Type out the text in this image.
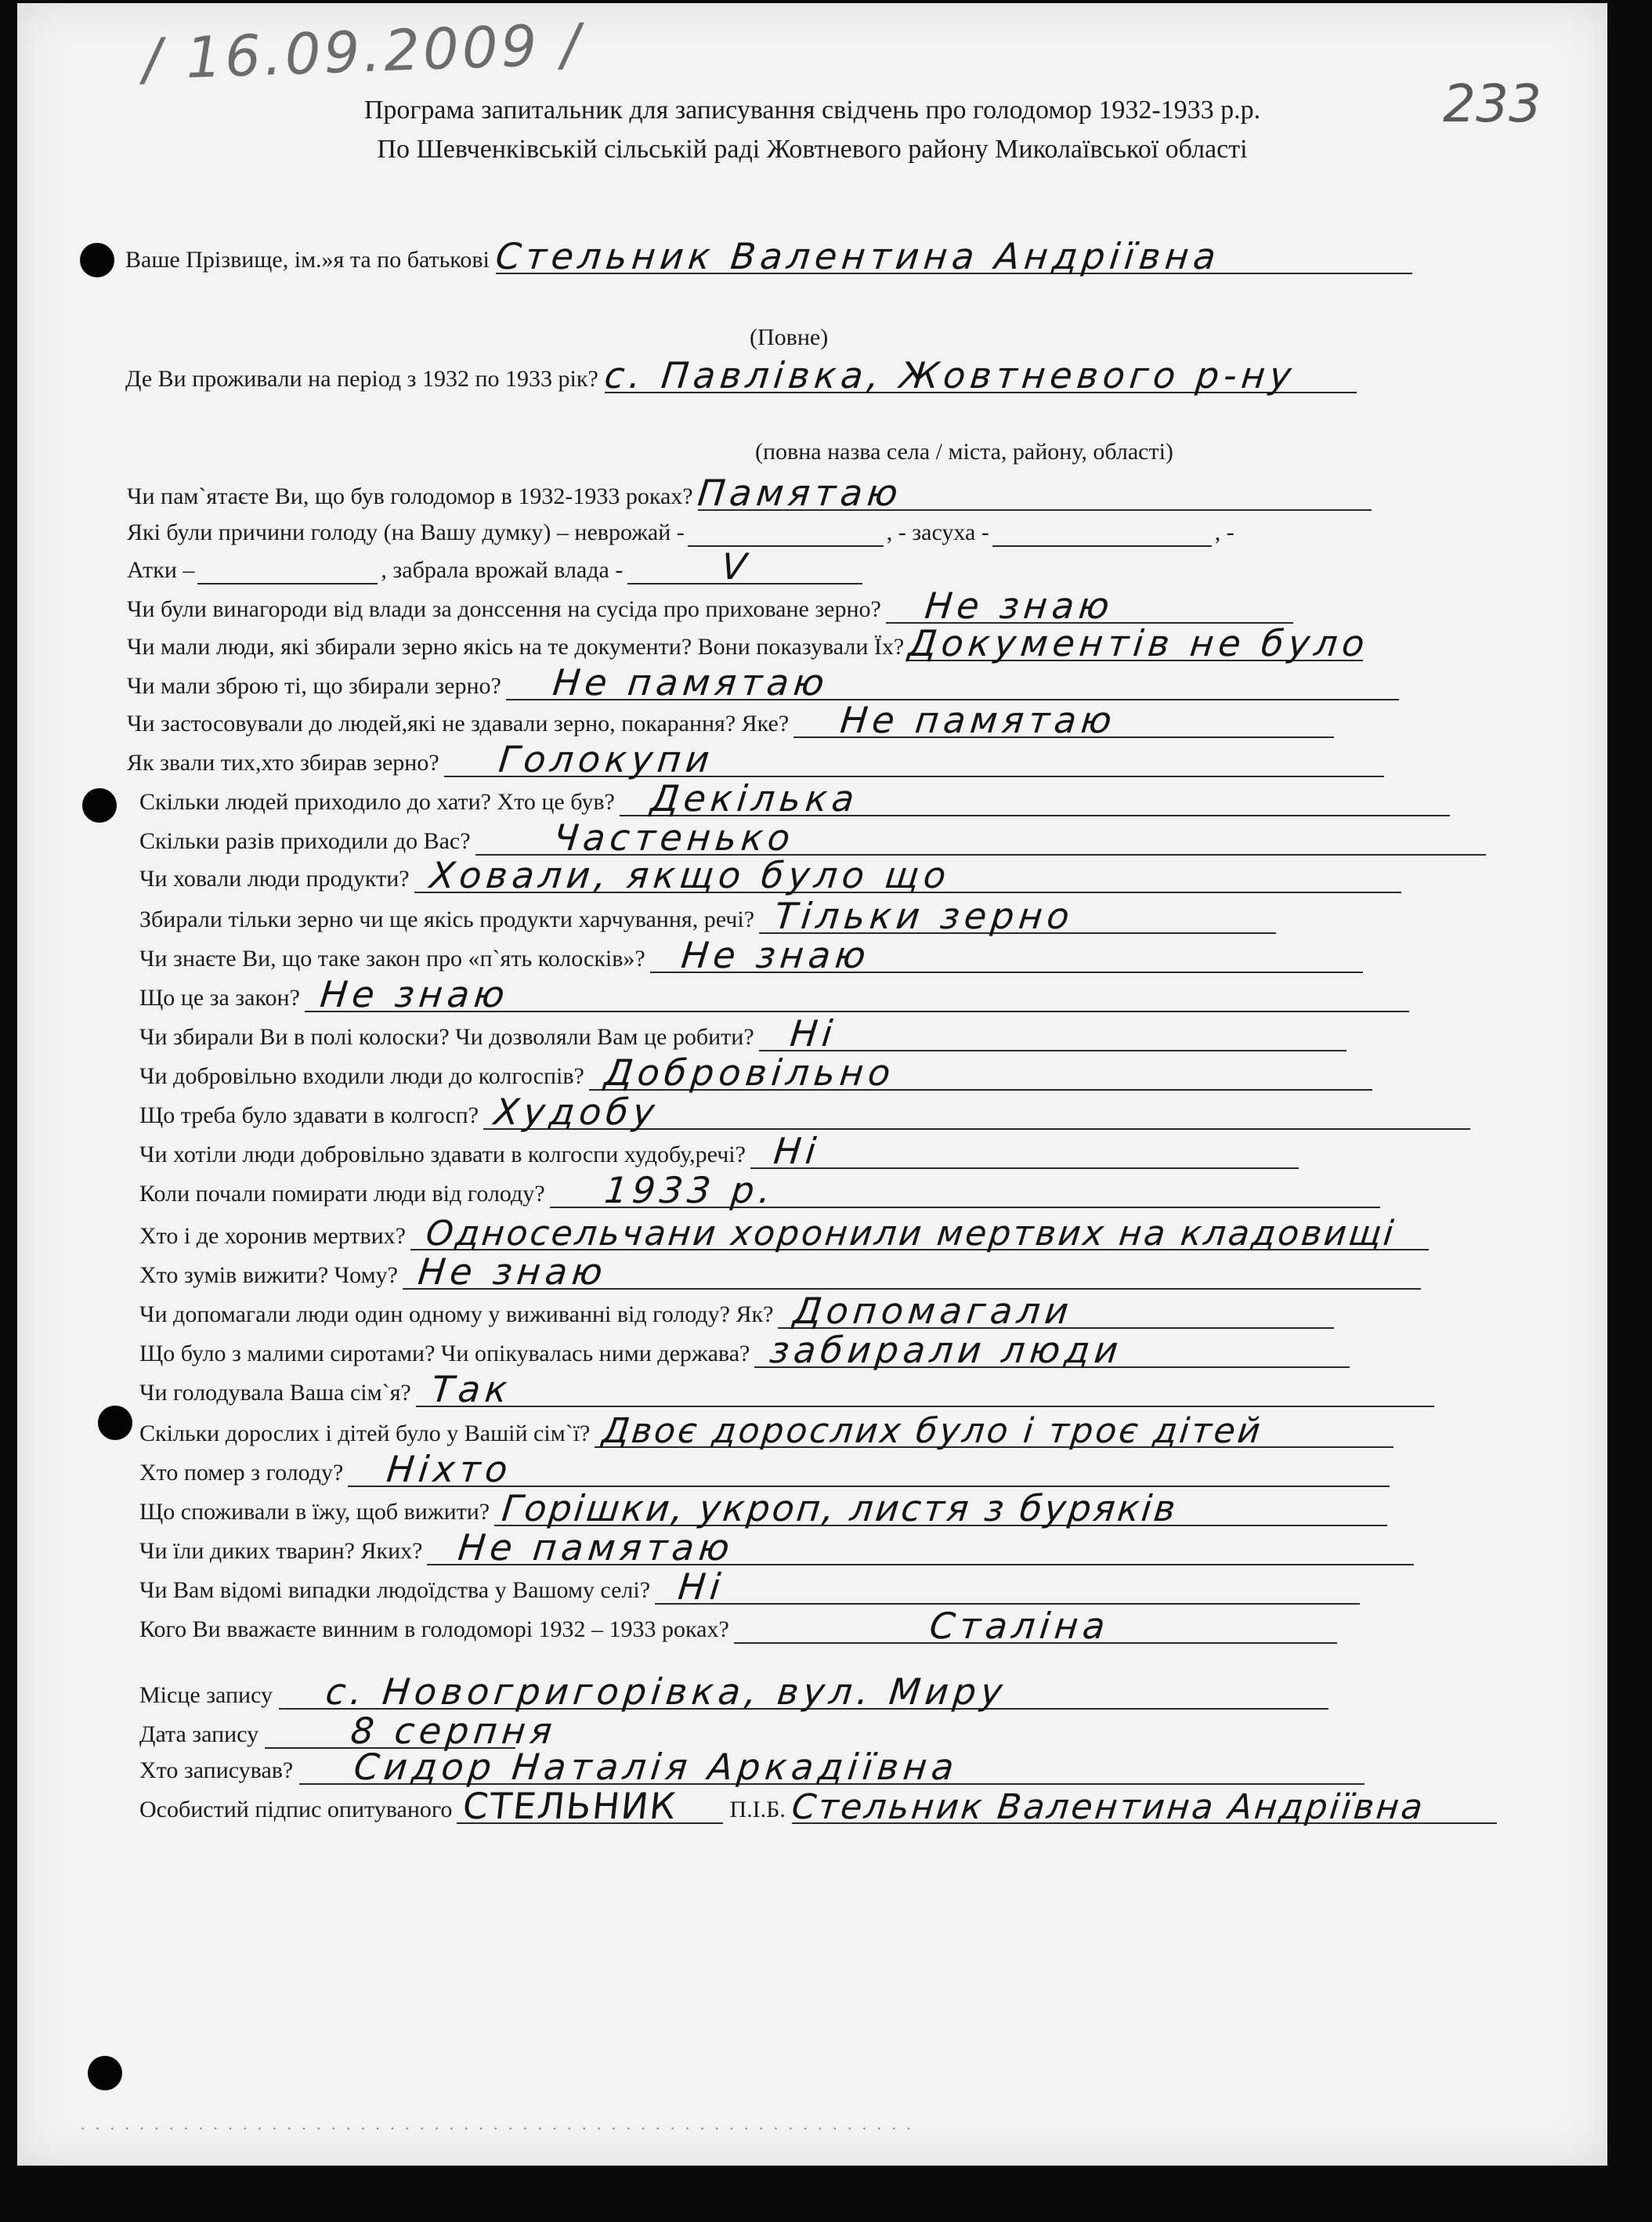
/ 16.09.2009 /
233
Програма запитальник для записування свідчень про голодомор 1932-1933 р.р.
По Шевченківській сільській раді Жовтневого району Миколаївської області
Ваше Прізвище, ім.»я та по батькові Стельник Валентина Андріївна
(Повне)
Де Ви проживали на період з 1932 по 1933 рік? с. Павлівка, Жовтневого р-ну
(повна назва села / міста, району, області)
Чи пам`ятаєте Ви, що був голодомор в 1932-1933 роках? Памятаю
Які були причини голоду (на Вашу думку) – неврожай -	, - засуха -	, -
Атки –	, забрала врожай влада -	V
Чи були винагороди від влади за донссення на сусіда про приховане зерно? Не знаю
Чи мали люди, які збирали зерно якісь на те документи? Вони показували Їх? Документів не було
Чи мали зброю ті, що збирали зерно? Не памятаю
Чи застосовували до людей,які не здавали зерно, покарання? Яке? Не памятаю
Як звали тих,хто збирав зерно? Голокупи
Скільки людей приходило до хати? Хто це був? Декілька
Скільки разів приходили до Вас? Частенько
Чи ховали люди продукти? Ховали, якщо було що
Збирали тільки зерно чи ще якісь продукти харчування, речі? Тільки зерно
Чи знаєте Ви, що таке закон про «п`ять колосків»? Не знаю
Що це за закон? Не знаю
Чи збирали Ви в полі колоски? Чи дозволяли Вам це робити? Ні
Чи добровільно входили люди до колгоспів? Добровільно
Що треба було здавати в колгосп? Худобу
Чи хотіли люди добровільно здавати в колгоспи худобу,речі? Ні
Коли почали помирати люди від голоду? 1933 р.
Хто і де хоронив мертвих? Односельчани хоронили мертвих на кладовищі
Хто зумів вижити? Чому? Не знаю
Чи допомагали люди один одному у виживанні від голоду? Як? Допомагали
Що було з малими сиротами? Чи опікувалась ними держава? забирали люди
Чи голодувала Ваша сім`я? Так
Скільки дорослих і дітей було у Вашій сім`ї? Двоє дорослих було і троє дітей
Хто помер з голоду? Ніхто
Що споживали в їжу, щоб вижити? Горішки, укроп, листя з буряків
Чи їли диких тварин? Яких? Не памятаю
Чи Вам відомі випадки людоїдства у Вашому селі? Ні
Кого Ви вважаєте винним в голодоморі 1932 – 1933 роках?	Сталіна
Місце запису с. Новогригорівка, вул. Миру
Дата запису	8 серпня
Хто записував? Сидор Наталія Аркадіївна
Особистий підпис опитуваного СТЕЛЬНИК П.І.Б. Стельник Валентина Андріївна
· · · · · · · · · · · · · · · · · · · · · · · · · · · · · · · · · · · · · · · · · · · · · · · · · · · · · · · · ·
